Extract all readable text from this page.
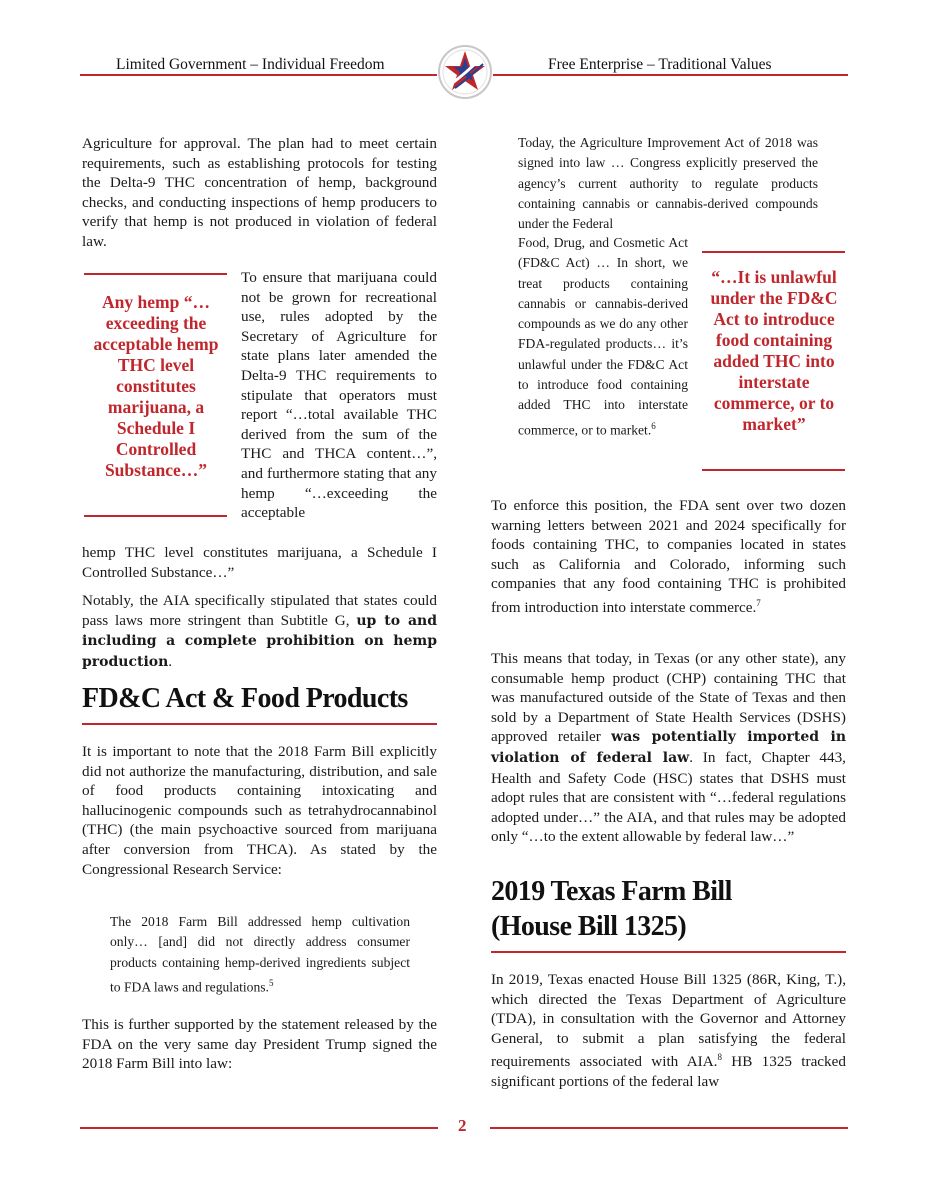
Limited Government – Individual Freedom	Free Enterprise – Traditional Values

Agriculture for approval. The plan had to meet certain requirements, such as establishing protocols for testing the Delta-9 THC concentration of hemp, background checks, and conducting inspections of hemp producers to verify that hemp is not produced in violation of federal law.

Any hemp “…exceeding the acceptable hemp THC level constitutes marijuana, a Schedule I Controlled Substance…”

To ensure that marijuana could not be grown for recreational use, rules adopted by the Secretary of Agriculture for state plans later amended the Delta-9 THC requirements to stipulate that operators must report “…total available THC derived from the sum of the THC and THCA content…”, and furthermore stating that any hemp “…exceeding the acceptable

hemp THC level constitutes marijuana, a Schedule I Controlled Substance…”

Notably, the AIA specifically stipulated that states could pass laws more stringent than Subtitle G, up to and including a complete prohibition on hemp production.

FD&C Act & Food Products

It is important to note that the 2018 Farm Bill explicitly did not authorize the manufacturing, distribution, and sale of food products containing intoxicating and hallucinogenic compounds such as tetrahydrocannabinol (THC) (the main psychoactive sourced from marijuana after conversion from THCA). As stated by the Congressional Research Service:

The 2018 Farm Bill addressed hemp cultivation only… [and] did not directly address consumer products containing hemp-derived ingredients subject to FDA laws and regulations.$^5$

This is further supported by the statement released by the FDA on the very same day President Trump signed the 2018 Farm Bill into law:

Today, the Agriculture Improvement Act of 2018 was signed into law … Congress explicitly preserved the agency’s current authority to regulate products containing cannabis or cannabis-derived compounds under the Federal

Food, Drug, and Cosmetic Act (FD&C Act) … In short, we treat products containing cannabis or cannabis-derived compounds as we do any other FDA-regulated products… it’s unlawful under the FD&C Act to introduce food containing added THC into interstate commerce, or to market.$^6$

“…It is unlawful under the FD&C Act to introduce food containing added THC into interstate commerce, or to market”

To enforce this position, the FDA sent over two dozen warning letters between 2021 and 2024 specifically for foods containing THC, to companies located in states such as California and Colorado, informing such companies that any food containing THC is prohibited from introduction into interstate commerce.$^7$

This means that today, in Texas (or any other state), any consumable hemp product (CHP) containing THC that was manufactured outside of the State of Texas and then sold by a Department of State Health Services (DSHS) approved retailer was potentially imported in violation of federal law. In fact, Chapter 443, Health and Safety Code (HSC) states that DSHS must adopt rules that are consistent with “…federal regulations adopted under…” the AIA, and that rules may be adopted only “…to the extent allowable by federal law…”

2019 Texas Farm Bill
(House Bill 1325)

In 2019, Texas enacted House Bill 1325 (86R, King, T.), which directed the Texas Department of Agriculture (TDA), in consultation with the Governor and Attorney General, to submit a plan satisfying the federal requirements associated with AIA.$^8$ HB 1325 tracked significant portions of the federal law

2
